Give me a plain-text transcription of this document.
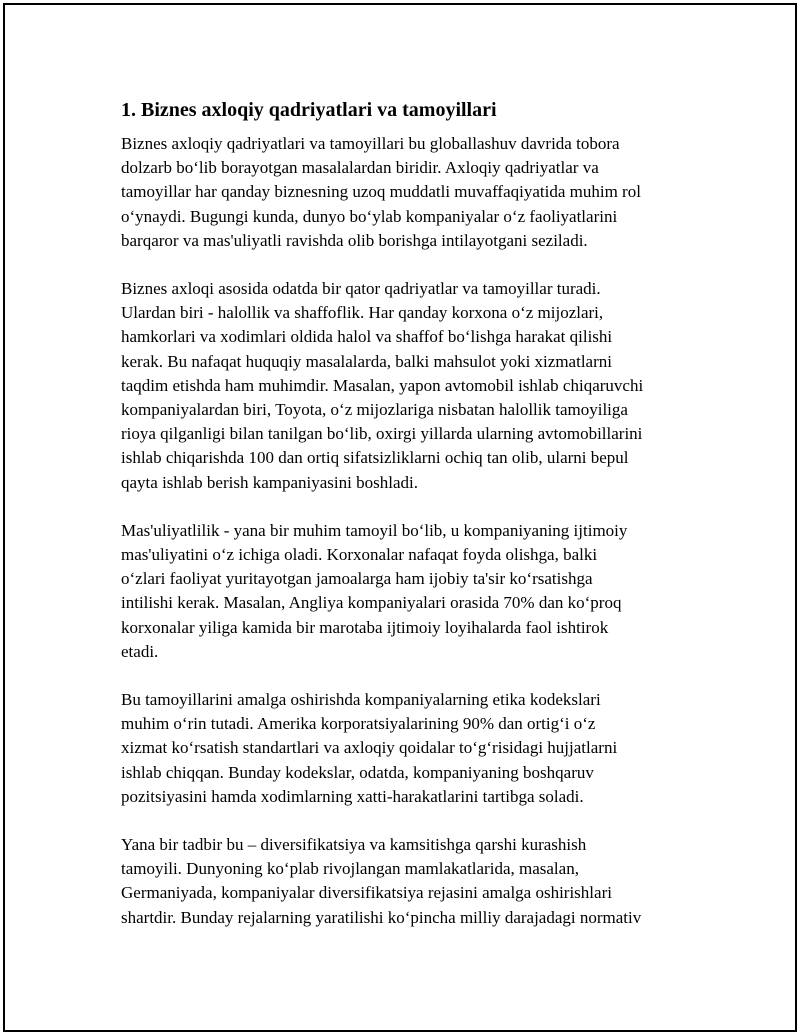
1. Biznes axloqiy qadriyatlari va tamoyillari

Biznes axloqiy qadriyatlari va tamoyillari bu globallashuv davrida tobora
dolzarb bo‘lib borayotgan masalalardan biridir. Axloqiy qadriyatlar va
tamoyillar har qanday biznesning uzoq muddatli muvaffaqiyatida muhim rol
o‘ynaydi. Bugungi kunda, dunyo bo‘ylab kompaniyalar o‘z faoliyatlarini
barqaror va mas'uliyatli ravishda olib borishga intilayotgani seziladi.

Biznes axloqi asosida odatda bir qator qadriyatlar va tamoyillar turadi.
Ulardan biri - halollik va shaffoflik. Har qanday korxona o‘z mijozlari,
hamkorlari va xodimlari oldida halol va shaffof bo‘lishga harakat qilishi
kerak. Bu nafaqat huquqiy masalalarda, balki mahsulot yoki xizmatlarni
taqdim etishda ham muhimdir. Masalan, yapon avtomobil ishlab chiqaruvchi
kompaniyalardan biri, Toyota, o‘z mijozlariga nisbatan halollik tamoyiliga
rioya qilganligi bilan tanilgan bo‘lib, oxirgi yillarda ularning avtomobillarini
ishlab chiqarishda 100 dan ortiq sifatsizliklarni ochiq tan olib, ularni bepul
qayta ishlab berish kampaniyasini boshladi.

Mas'uliyatlilik - yana bir muhim tamoyil bo‘lib, u kompaniyaning ijtimoiy
mas'uliyatini o‘z ichiga oladi. Korxonalar nafaqat foyda olishga, balki
o‘zlari faoliyat yuritayotgan jamoalarga ham ijobiy ta'sir ko‘rsatishga
intilishi kerak. Masalan, Angliya kompaniyalari orasida 70% dan ko‘proq
korxonalar yiliga kamida bir marotaba ijtimoiy loyihalarda faol ishtirok
etadi.

Bu tamoyillarini amalga oshirishda kompaniyalarning etika kodekslari
muhim o‘rin tutadi. Amerika korporatsiyalarining 90% dan ortig‘i o‘z
xizmat ko‘rsatish standartlari va axloqiy qoidalar to‘g‘risidagi hujjatlarni
ishlab chiqqan. Bunday kodekslar, odatda, kompaniyaning boshqaruv
pozitsiyasini hamda xodimlarning xatti-harakatlarini tartibga soladi.

Yana bir tadbir bu – diversifikatsiya va kamsitishga qarshi kurashish
tamoyili. Dunyoning ko‘plab rivojlangan mamlakatlarida, masalan,
Germaniyada, kompaniyalar diversifikatsiya rejasini amalga oshirishlari
shartdir. Bunday rejalarning yaratilishi ko‘pincha milliy darajadagi normativ
